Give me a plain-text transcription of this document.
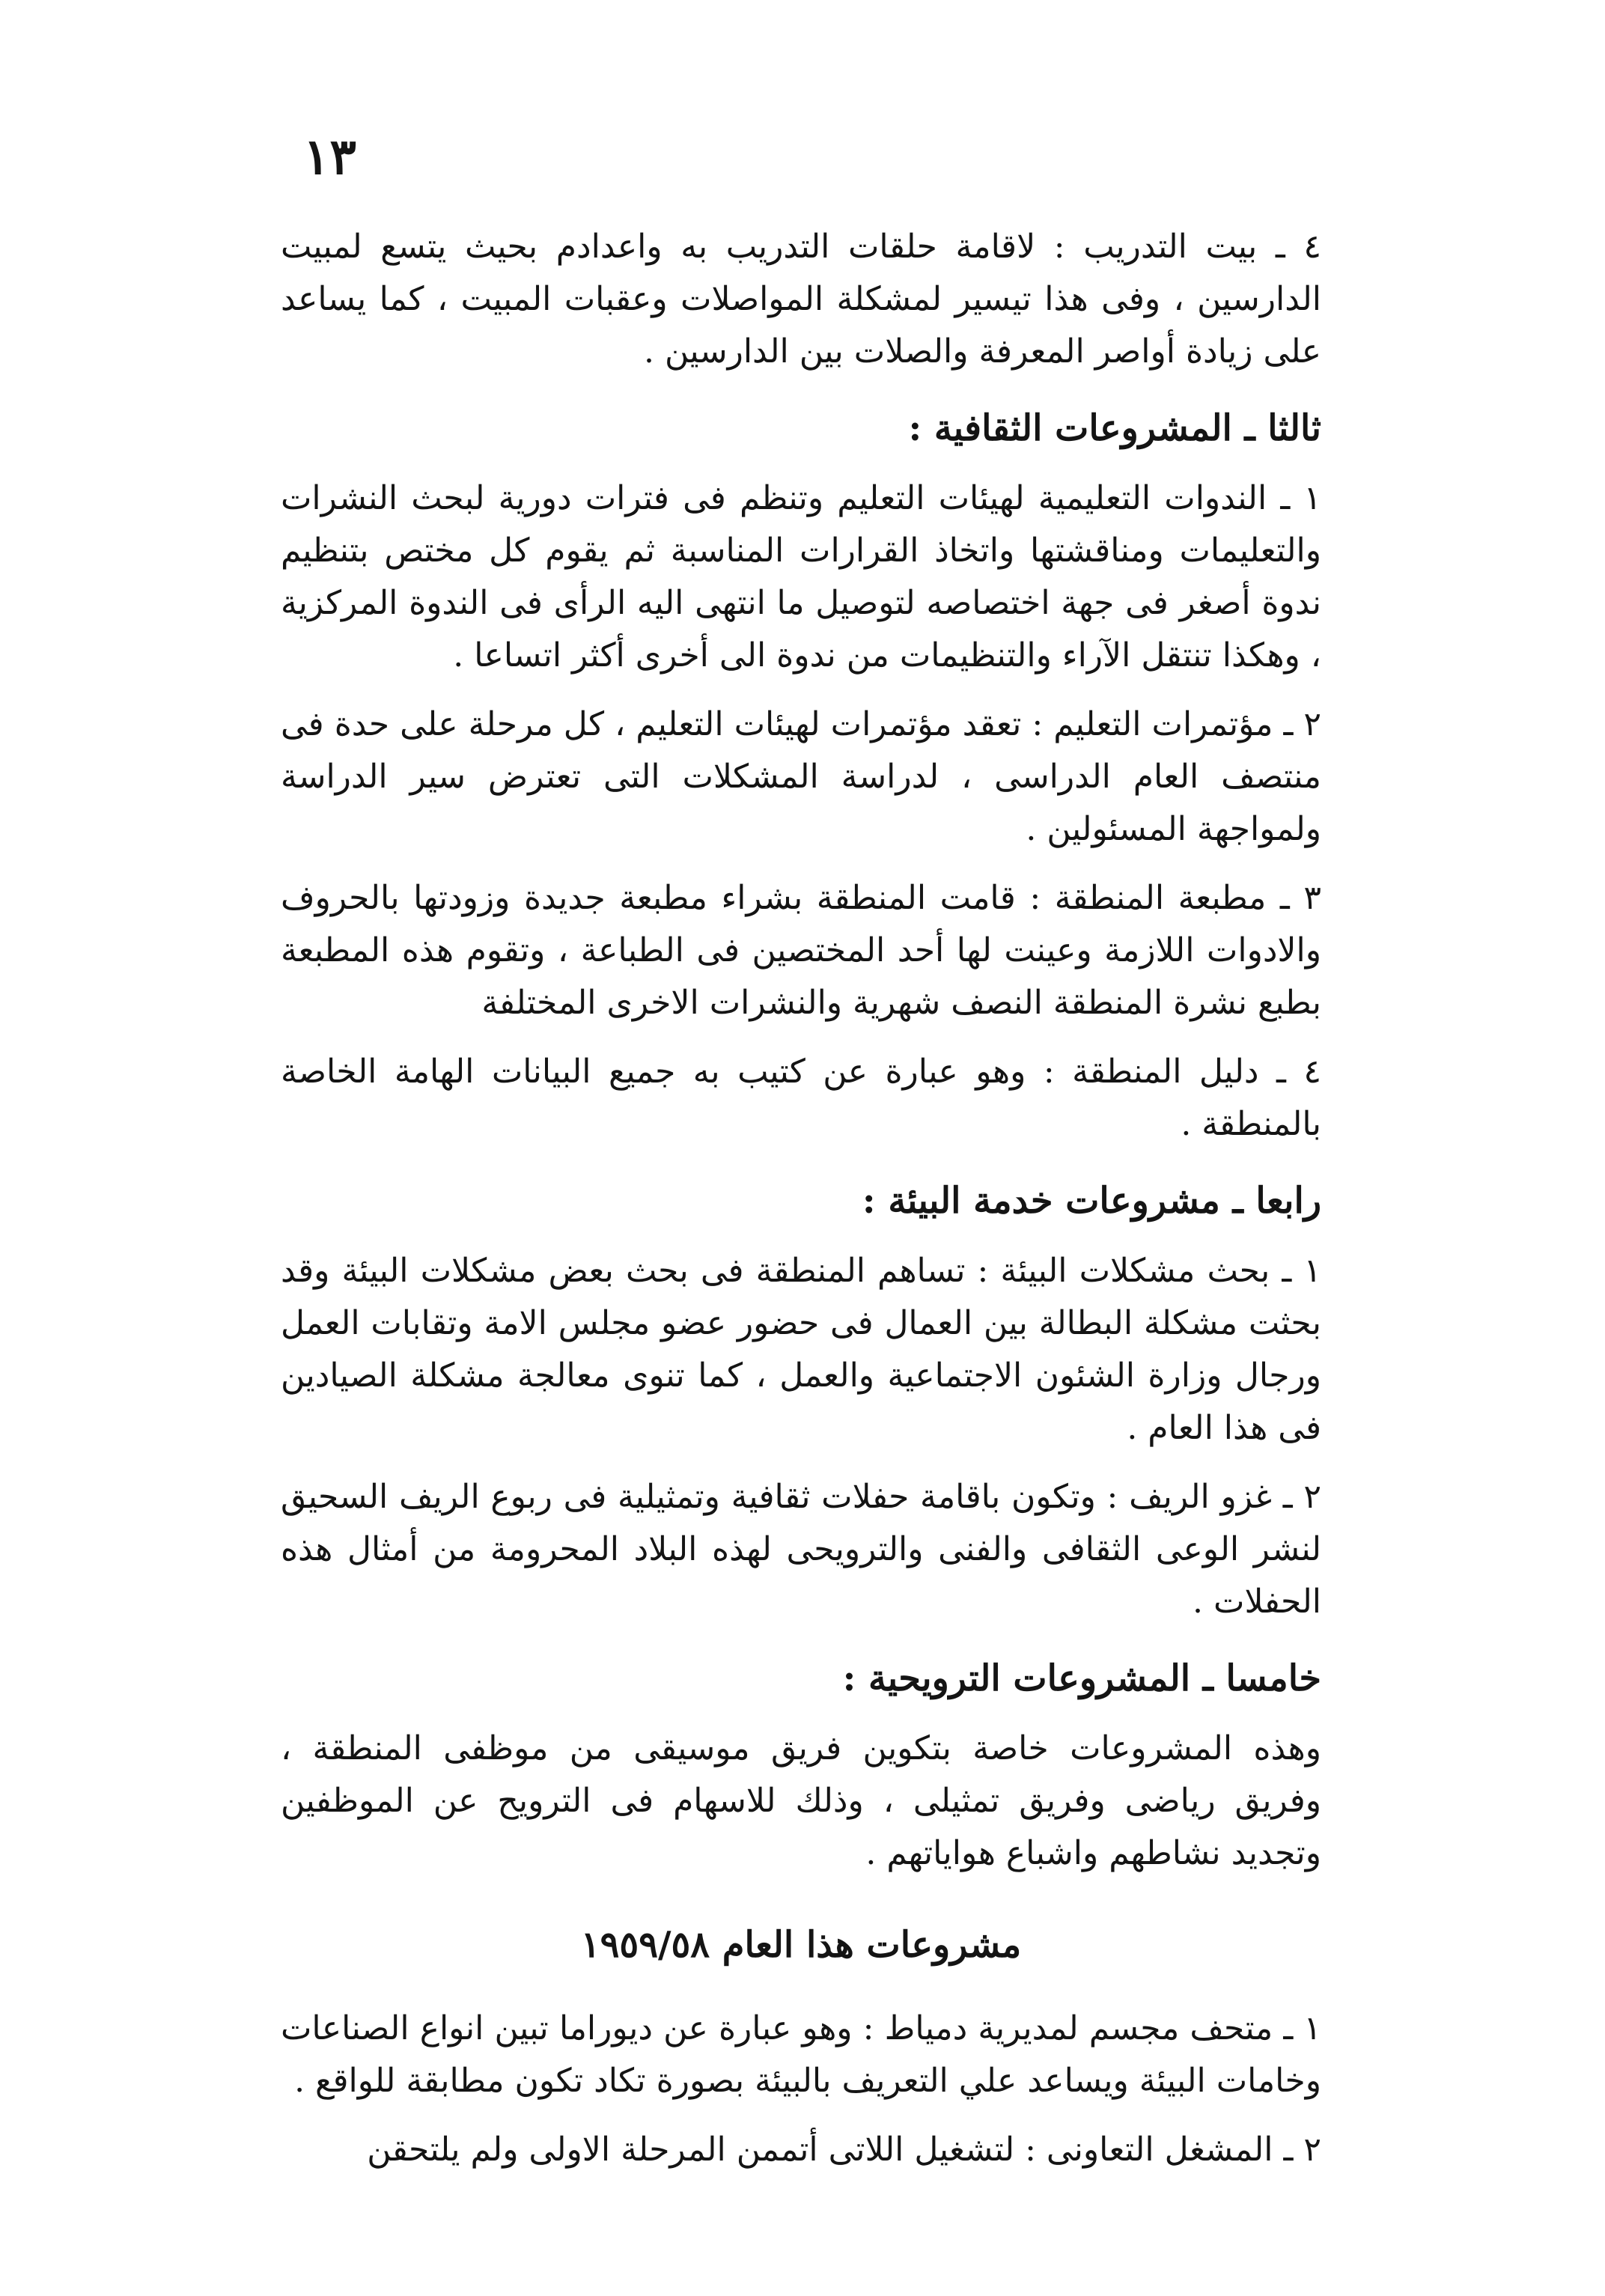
١٣

٤ ـ بيت التدريب : لاقامة حلقات التدريب به واعدادم بحيث يتسع لمبيت الدارسين ، وفى هذا تيسير لمشكلة المواصلات وعقبات المبيت ، كما يساعد على زيادة أواصر المعرفة والصلات بين الدارسين .

ثالثا ـ المشروعات الثقافية :

١ ـ الندوات التعليمية لهيئات التعليم وتنظم فى فترات دورية لبحث النشرات والتعليمات ومناقشتها واتخاذ القرارات المناسبة ثم يقوم كل مختص بتنظيم ندوة أصغر فى جهة اختصاصه لتوصيل ما انتهى اليه الرأى فى الندوة المركزية ، وهكذا تنتقل الآراء والتنظيمات من ندوة الى أخرى أكثر اتساعا .

٢ ـ مؤتمرات التعليم : تعقد مؤتمرات لهيئات التعليم ، كل مرحلة على حدة فى منتصف العام الدراسى ، لدراسة المشكلات التى تعترض سير الدراسة ولمواجهة المسئولين .

٣ ـ مطبعة المنطقة : قامت المنطقة بشراء مطبعة جديدة وزودتها بالحروف والادوات اللازمة وعينت لها أحد المختصين فى الطباعة ، وتقوم هذه المطبعة بطبع نشرة المنطقة النصف شهرية والنشرات الاخرى المختلفة

٤ ـ دليل المنطقة : وهو عبارة عن كتيب به جميع البيانات الهامة الخاصة بالمنطقة .

رابعا ـ مشروعات خدمة البيئة :

١ ـ بحث مشكلات البيئة : تساهم المنطقة فى بحث بعض مشكلات البيئة وقد بحثت مشكلة البطالة بين العمال فى حضور عضو مجلس الامة وتقابات العمل ورجال وزارة الشئون الاجتماعية والعمل ، كما تنوى معالجة مشكلة الصيادين فى هذا العام .

٢ ـ غزو الريف : وتكون باقامة حفلات ثقافية وتمثيلية فى ربوع الريف السحيق لنشر الوعى الثقافى والفنى والترويحى لهذه البلاد المحرومة من أمثال هذه الحفلات .

خامسا ـ المشروعات الترويحية :

وهذه المشروعات خاصة بتكوين فريق موسيقى من موظفى المنطقة ، وفريق رياضى وفريق تمثيلى ، وذلك للاسهام فى الترويح عن الموظفين وتجديد نشاطهم واشباع هواياتهم .

مشروعات هذا العام ١٩٥٩/٥٨

١ ـ متحف مجسم لمديرية دمياط : وهو عبارة عن ديوراما تبين انواع الصناعات وخامات البيئة ويساعد علي التعريف بالبيئة بصورة تكاد تكون مطابقة للواقع .

٢ ـ المشغل التعاونى : لتشغيل اللاتى أتممن المرحلة الاولى ولم يلتحقن
